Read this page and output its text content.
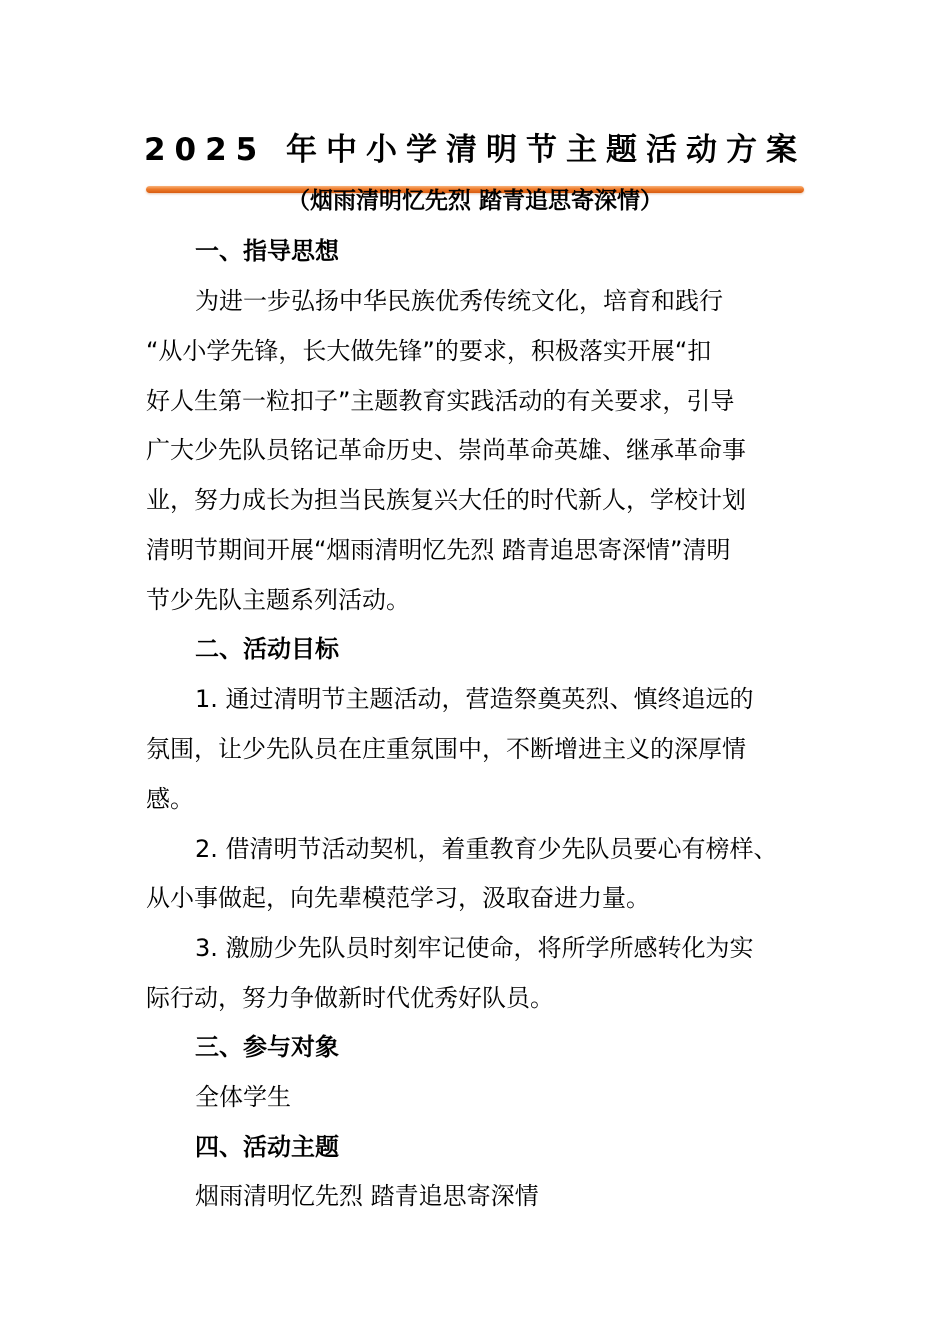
2025 年中小学清明节主题活动方案
（烟雨清明忆先烈 踏青追思寄深情）
一、指导思想
为进一步弘扬中华民族优秀传统文化，培育和践行
“从小学先锋，长大做先锋”的要求，积极落实开展“扣
好人生第一粒扣子”主题教育实践活动的有关要求，引导
广大少先队员铭记革命历史、崇尚革命英雄、继承革命事
业，努力成长为担当民族复兴大任的时代新人，学校计划
清明节期间开展“烟雨清明忆先烈 踏青追思寄深情”清明
节少先队主题系列活动。
二、活动目标
1. 通过清明节主题活动，营造祭奠英烈、慎终追远的
氛围，让少先队员在庄重氛围中，不断增进主义的深厚情
感。
2. 借清明节活动契机，着重教育少先队员要心有榜样、
从小事做起，向先辈模范学习，汲取奋进力量。
3. 激励少先队员时刻牢记使命，将所学所感转化为实
际行动，努力争做新时代优秀好队员。
三、参与对象
全体学生
四、活动主题
烟雨清明忆先烈 踏青追思寄深情
